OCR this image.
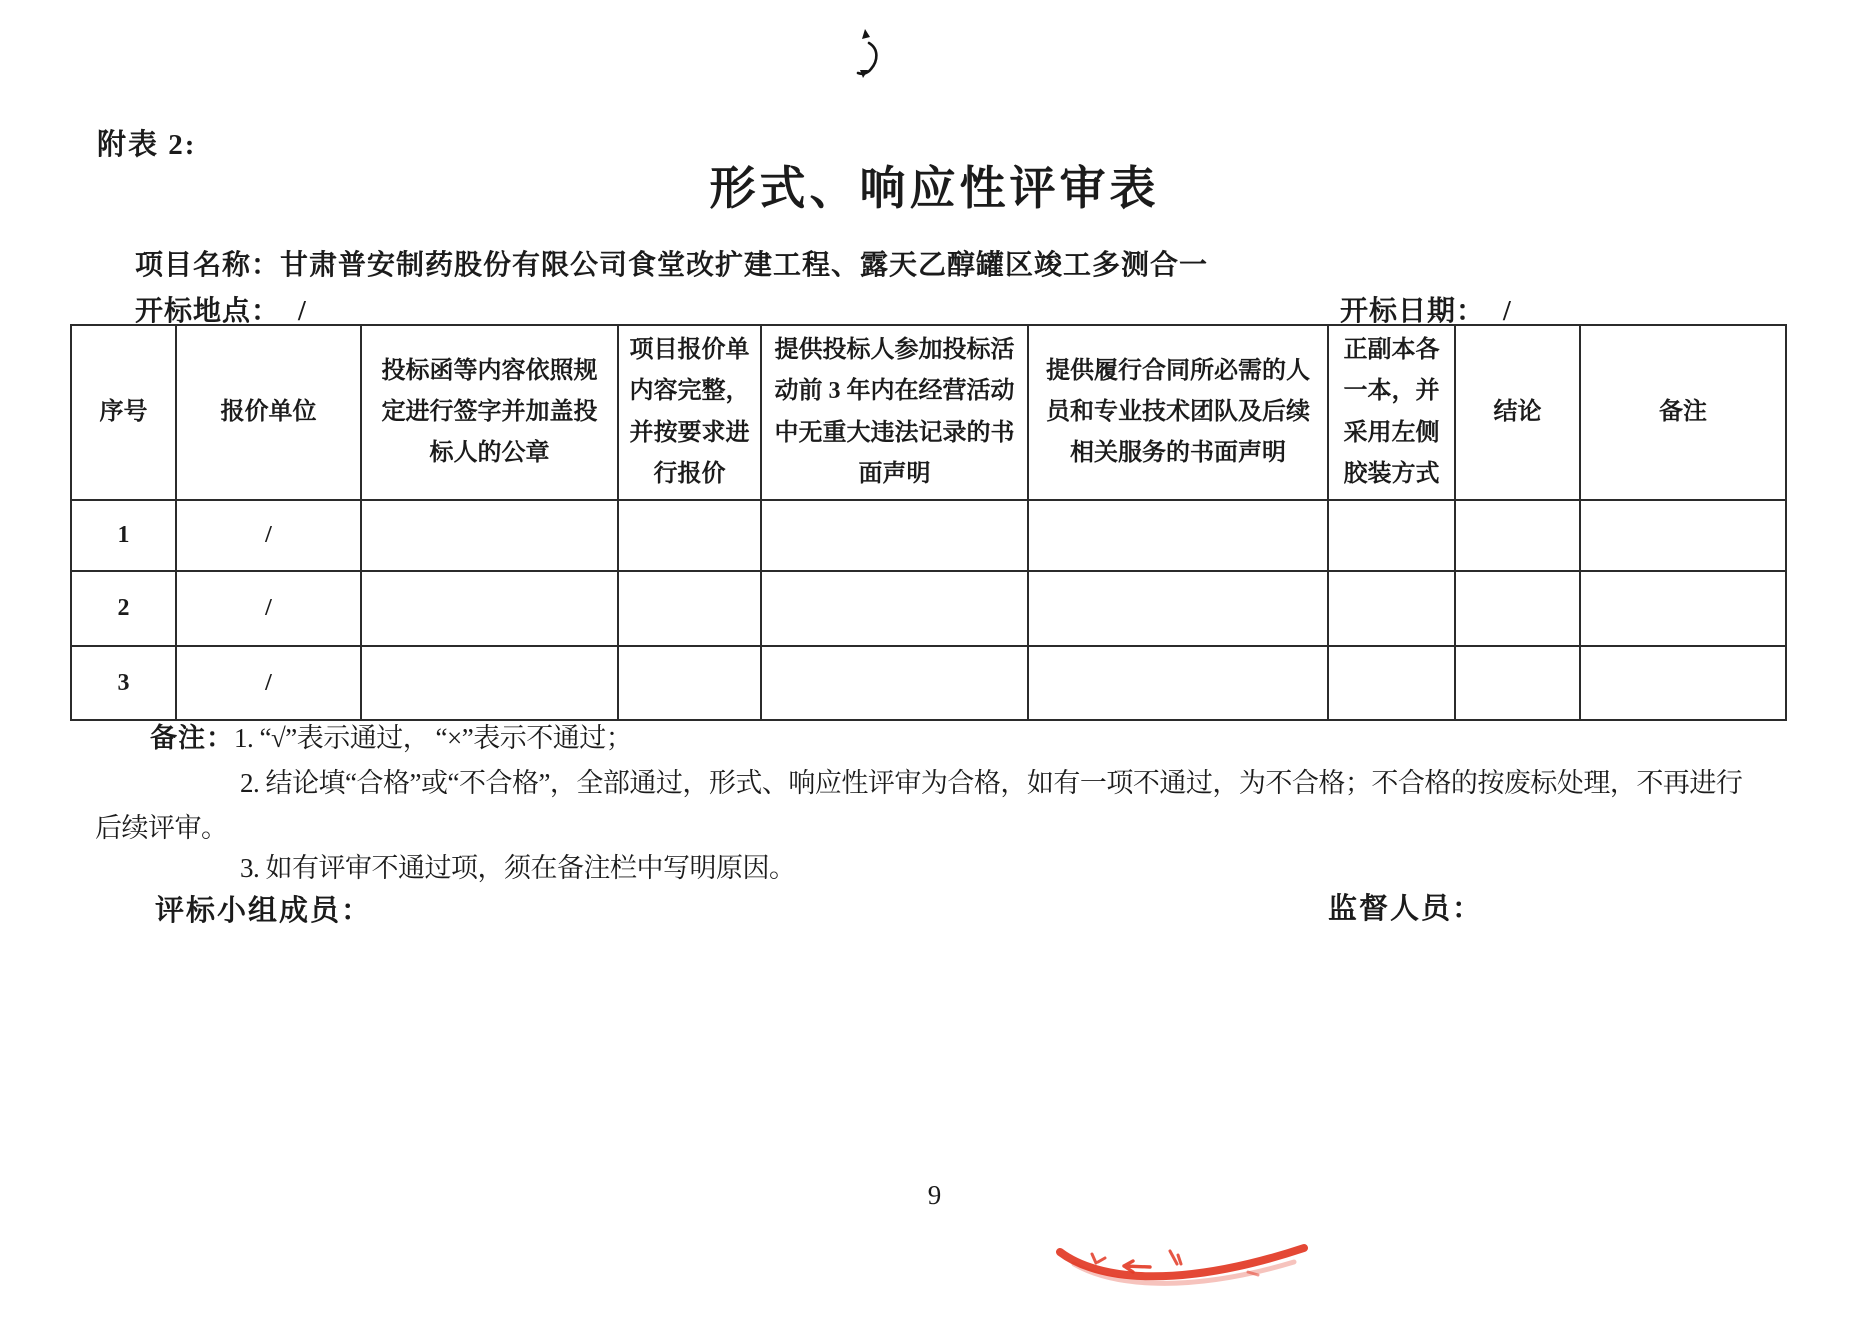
附表 2:
形式、响应性评审表
项目名称：甘肃普安制药股份有限公司食堂改扩建工程、露天乙醇罐区竣工多测合一
开标地点： /	开标日期： /
序号	报价单位	投标函等内容依照规定进行签字并加盖投标人的公章	项目报价单内容完整，并按要求进行报价	提供投标人参加投标活动前 3 年内在经营活动中无重大违法记录的书面声明	提供履行合同所必需的人员和专业技术团队及后续相关服务的书面声明	正副本各一本，并采用左侧胶装方式	结论	备注
1	/							
2	/							
3	/							
备注：1. “√”表示通过， “×”表示不通过；
2. 结论填“合格”或“不合格”，全部通过，形式、响应性评审为合格，如有一项不通过，为不合格；不合格的按废标处理，不再进行
后续评审。
3. 如有评审不通过项，须在备注栏中写明原因。
评标小组成员：	监督人员：
9
